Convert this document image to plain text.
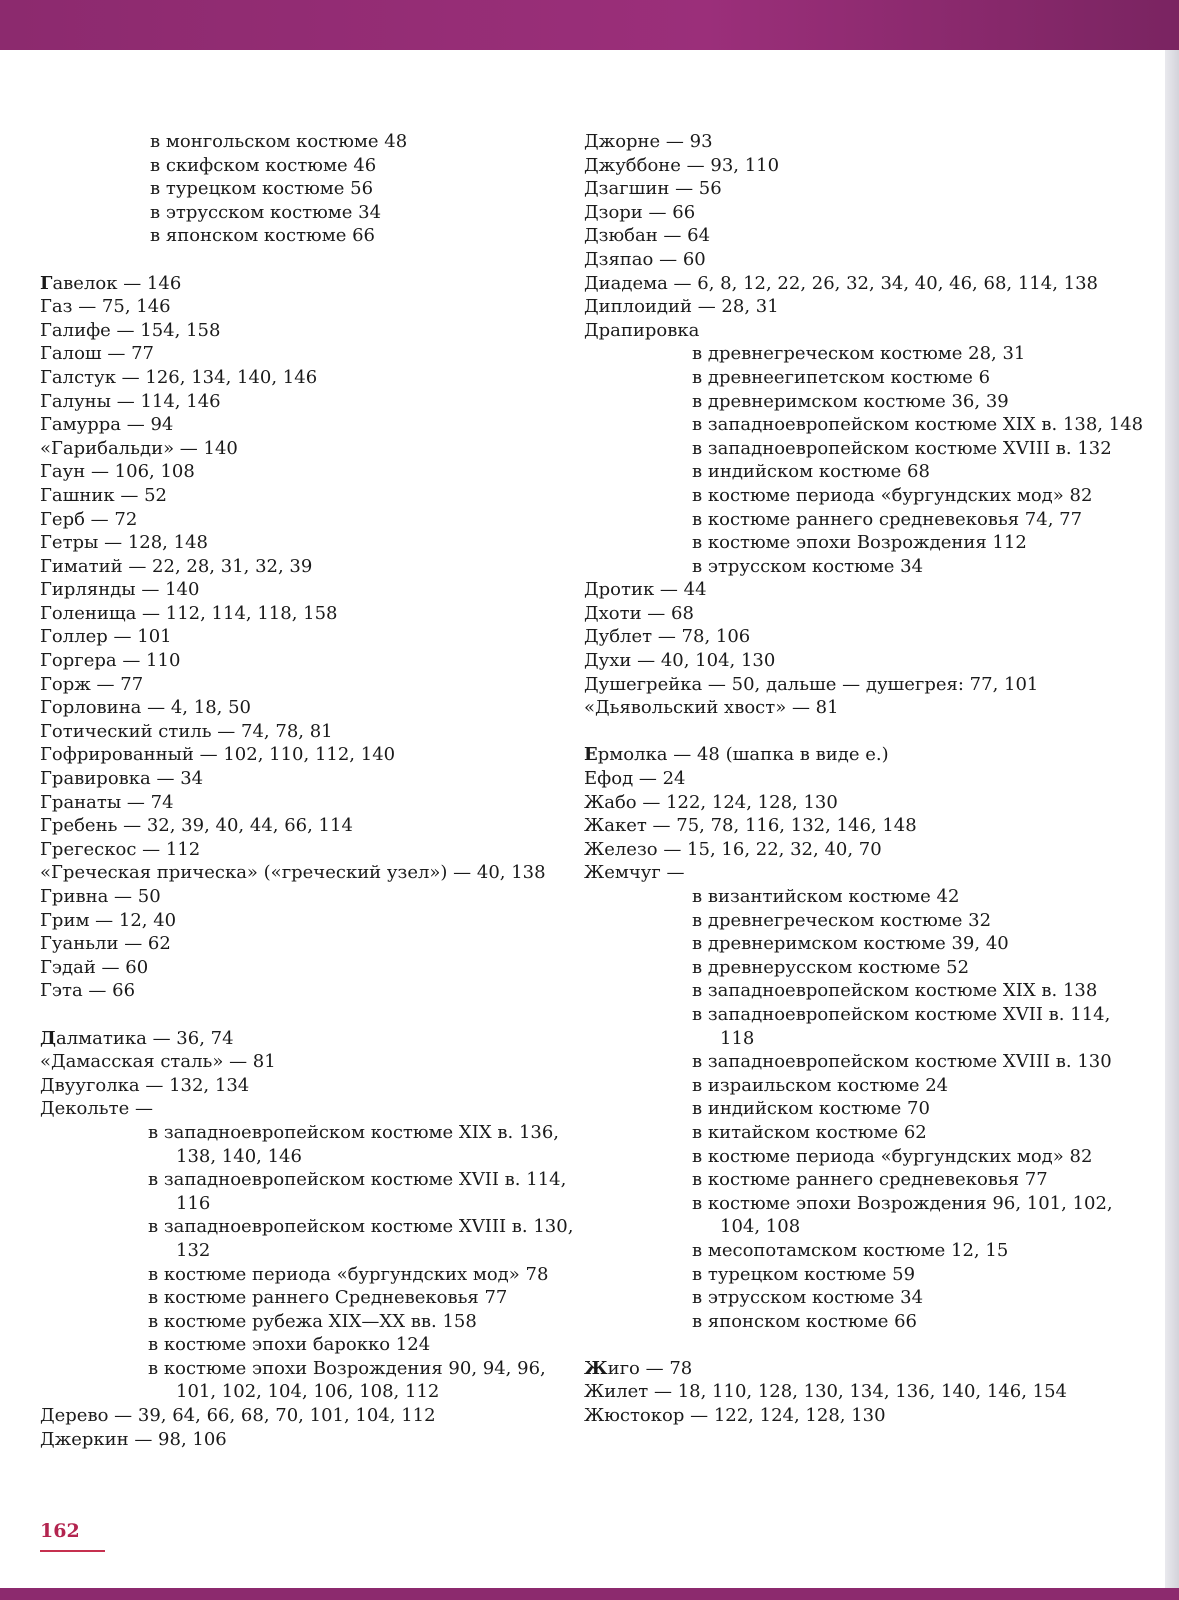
в монгольском костюме 48
в скифском костюме 46
в турецком костюме 56
в этрусском костюме 34
в японском костюме 66
Гавелок — 146
Газ — 75, 146
Галифе — 154, 158
Галош — 77
Галстук — 126, 134, 140, 146
Галуны — 114, 146
Гамурра — 94
«Гарибальди» — 140
Гаун — 106, 108
Гашник — 52
Герб — 72
Гетры — 128, 148
Гиматий — 22, 28, 31, 32, 39
Гирлянды — 140
Голенища — 112, 114, 118, 158
Голлер — 101
Горгера — 110
Горж — 77
Горловина — 4, 18, 50
Готический стиль — 74, 78, 81
Гофрированный — 102, 110, 112, 140
Гравировка — 34
Гранаты — 74
Гребень — 32, 39, 40, 44, 66, 114
Грегескос — 112
«Греческая прическа» («греческий узел») — 40, 138
Гривна — 50
Грим — 12, 40
Гуаньли — 62
Гэдай — 60
Гэта — 66
Далматика — 36, 74
«Дамасская сталь» — 81
Двууголка — 132, 134
Декольте —
в западноевропейском костюме XIX в. 136,
138, 140, 146
в западноевропейском костюме XVII в. 114,
116
в западноевропейском костюме XVIII в. 130,
132
в костюме периода «бургундских мод» 78
в костюме раннего Средневековья 77
в костюме рубежа XIX—XX вв. 158
в костюме эпохи барокко 124
в костюме эпохи Возрождения 90, 94, 96,
101, 102, 104, 106, 108, 112
Дерево — 39, 64, 66, 68, 70, 101, 104, 112
Джеркин — 98, 106
Джорне — 93
Джуббоне — 93, 110
Дзагшин — 56
Дзори — 66
Дзюбан — 64
Дзяпао — 60
Диадема — 6, 8, 12, 22, 26, 32, 34, 40, 46, 68, 114, 138
Диплоидий — 28, 31
Драпировка
в древнегреческом костюме 28, 31
в древнеегипетском костюме 6
в древнеримском костюме 36, 39
в западноевропейском костюме XIX в. 138, 148
в западноевропейском костюме XVIII в. 132
в индийском костюме 68
в костюме периода «бургундских мод» 82
в костюме раннего средневековья 74, 77
в костюме эпохи Возрождения 112
в этрусском костюме 34
Дротик — 44
Дхоти — 68
Дублет — 78, 106
Духи — 40, 104, 130
Душегрейка — 50, дальше — душегрея: 77, 101
«Дьявольский хвост» — 81
Ермолка — 48 (шапка в виде е.)
Ефод — 24
Жабо — 122, 124, 128, 130
Жакет — 75, 78, 116, 132, 146, 148
Железо — 15, 16, 22, 32, 40, 70
Жемчуг —
в византийском костюме 42
в древнегреческом костюме 32
в древнеримском костюме 39, 40
в древнерусском костюме 52
в западноевропейском костюме XIX в. 138
в западноевропейском костюме XVII в. 114,
118
в западноевропейском костюме XVIII в. 130
в израильском костюме 24
в индийском костюме 70
в китайском костюме 62
в костюме периода «бургундских мод» 82
в костюме раннего средневековья 77
в костюме эпохи Возрождения 96, 101, 102,
104, 108
в месопотамском костюме 12, 15
в турецком костюме 59
в этрусском костюме 34
в японском костюме 66
Жиго — 78
Жилет — 18, 110, 128, 130, 134, 136, 140, 146, 154
Жюстокор — 122, 124, 128, 130
162
